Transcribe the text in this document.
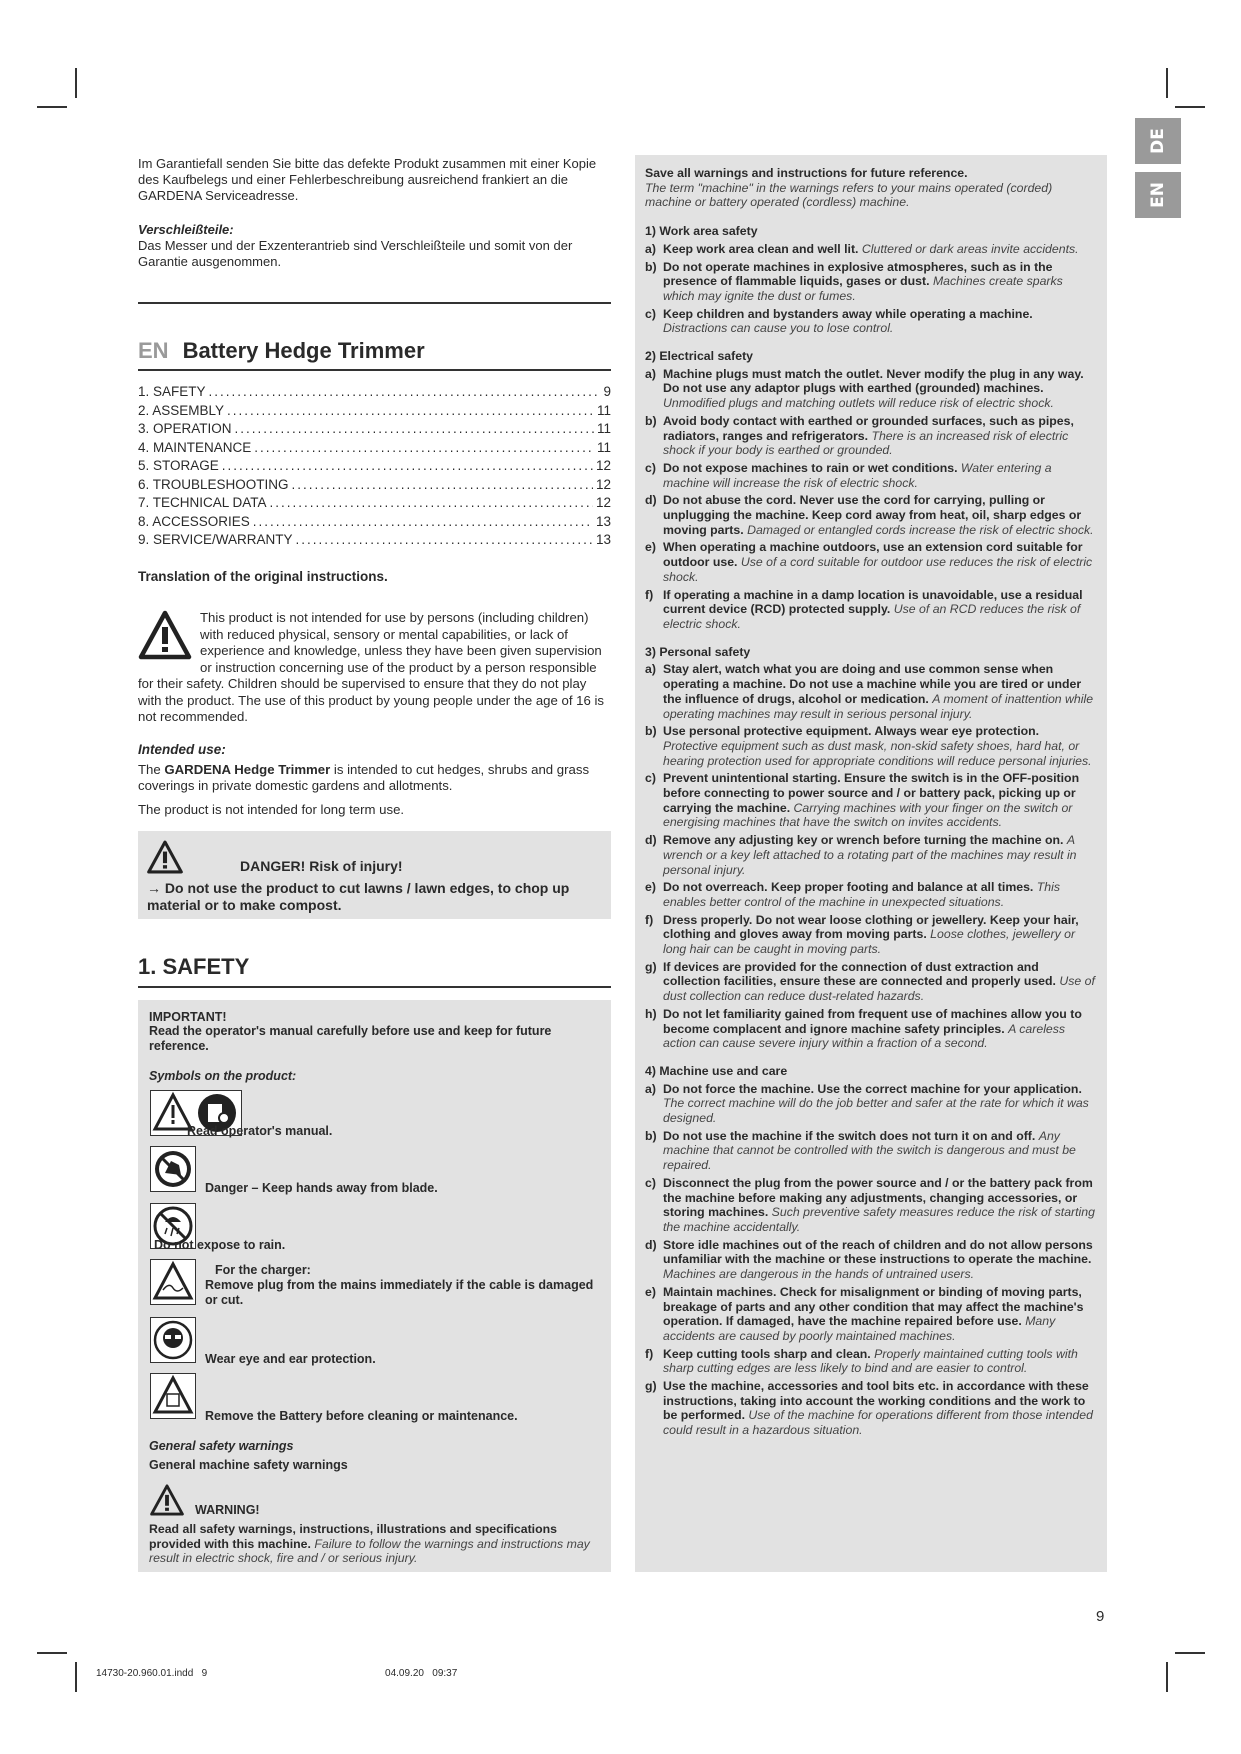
DE
EN

Im Garantiefall senden Sie bitte das defekte Produkt zusammen mit einer Kopie des Kaufbelegs und einer Fehlerbeschreibung ausreichend frankiert an die GARDENA Serviceadresse.

Verschleißteile:

Das Messer und der Exzenterantrieb sind Verschleißteile und somit von der Garantie ausgenommen.

EN Battery Hedge Trimmer
1. SAFETY .....	9
2. ASSEMBLY .....	11
3. OPERATION .....	11
4. MAINTENANCE .....	11
5. STORAGE .....	12
6. TROUBLESHOOTING .....	12
7. TECHNICAL DATA .....	12
8. ACCESSORIES .....	13
9. SERVICE/WARRANTY .....	13

Translation of the original instructions.

This product is not intended for use by persons (including children) with reduced physical, sensory or mental capabilities, or lack of experience and knowledge, unless they have been given supervision or instruction concerning use of the product by a person responsible for their safety. Children should be supervised to ensure that they do not play with the product. The use of this product by young people under the age of 16 is not recommended.

Intended use:

The GARDENA Hedge Trimmer is intended to cut hedges, shrubs and grass coverings in private domestic gardens and allotments.

The product is not intended for long term use.

DANGER! Risk of injury!

→ Do not use the product to cut lawns / lawn edges, to chop up material or to make compost.

1. SAFETY

IMPORTANT!

Read the operator's manual carefully before use and keep for future reference.

Symbols on the product:

Read operator's manual.
Danger – Keep hands away from blade.
Do not expose to rain.
For the charger:
Remove plug from the mains immediately if the cable is damaged or cut.
Wear eye and ear protection.
Remove the Battery before cleaning or maintenance.

General safety warnings

General machine safety warnings

WARNING!

Read all safety warnings, instructions, illustrations and specifications provided with this machine. Failure to follow the warnings and instructions may result in electric shock, fire and / or serious injury.

Save all warnings and instructions for future reference.

The term "machine" in the warnings refers to your mains operated (corded) machine or battery operated (cordless) machine.

1) Work area safety
a) Keep work area clean and well lit. Cluttered or dark areas invite accidents.
b) Do not operate machines in explosive atmospheres, such as in the presence of flammable liquids, gases or dust. Machines create sparks which may ignite the dust or fumes.
c) Keep children and bystanders away while operating a machine. Distractions can cause you to lose control.
2) Electrical safety
a) Machine plugs must match the outlet. Never modify the plug in any way. Do not use any adaptor plugs with earthed (grounded) machines. Unmodified plugs and matching outlets will reduce risk of electric shock.
b) Avoid body contact with earthed or grounded surfaces, such as pipes, radiators, ranges and refrigerators. There is an increased risk of electric shock if your body is earthed or grounded.
c) Do not expose machines to rain or wet conditions. Water entering a machine will increase the risk of electric shock.
d) Do not abuse the cord. Never use the cord for carrying, pulling or unplugging the machine. Keep cord away from heat, oil, sharp edges or moving parts. Damaged or entangled cords increase the risk of electric shock.
e) When operating a machine outdoors, use an extension cord suitable for outdoor use. Use of a cord suitable for outdoor use reduces the risk of electric shock.
f) If operating a machine in a damp location is unavoidable, use a residual current device (RCD) protected supply. Use of an RCD reduces the risk of electric shock.
3) Personal safety
a) Stay alert, watch what you are doing and use common sense when operating a machine. Do not use a machine while you are tired or under the influence of drugs, alcohol or medication. A moment of inattention while operating machines may result in serious personal injury.
b) Use personal protective equipment. Always wear eye protection. Protective equipment such as dust mask, non-skid safety shoes, hard hat, or hearing protection used for appropriate conditions will reduce personal injuries.
c) Prevent unintentional starting. Ensure the switch is in the OFF-position before connecting to power source and / or battery pack, picking up or carrying the machine. Carrying machines with your finger on the switch or energising machines that have the switch on invites accidents.
d) Remove any adjusting key or wrench before turning the machine on. A wrench or a key left attached to a rotating part of the machines may result in personal injury.
e) Do not overreach. Keep proper footing and balance at all times. This enables better control of the machine in unexpected situations.
f) Dress properly. Do not wear loose clothing or jewellery. Keep your hair, clothing and gloves away from moving parts. Loose clothes, jewellery or long hair can be caught in moving parts.
g) If devices are provided for the connection of dust extraction and collection facilities, ensure these are connected and properly used. Use of dust collection can reduce dust-related hazards.
h) Do not let familiarity gained from frequent use of machines allow you to become complacent and ignore machine safety principles. A careless action can cause severe injury within a fraction of a second.
4) Machine use and care
a) Do not force the machine. Use the correct machine for your application. The correct machine will do the job better and safer at the rate for which it was designed.
b) Do not use the machine if the switch does not turn it on and off. Any machine that cannot be controlled with the switch is dangerous and must be repaired.
c) Disconnect the plug from the power source and / or the battery pack from the machine before making any adjustments, changing accessories, or storing machines. Such preventive safety measures reduce the risk of starting the machine accidentally.
d) Store idle machines out of the reach of children and do not allow persons unfamiliar with the machine or these instructions to operate the machine. Machines are dangerous in the hands of untrained users.
e) Maintain machines. Check for misalignment or binding of moving parts, breakage of parts and any other condition that may affect the machine's operation. If damaged, have the machine repaired before use. Many accidents are caused by poorly maintained machines.
f) Keep cutting tools sharp and clean. Properly maintained cutting tools with sharp cutting edges are less likely to bind and are easier to control.
g) Use the machine, accessories and tool bits etc. in accordance with these instructions, taking into account the working conditions and the work to be performed. Use of the machine for operations different from those intended could result in a hazardous situation.
9
14730-20.960.01.indd   9                                                                04.09.20   09:37
